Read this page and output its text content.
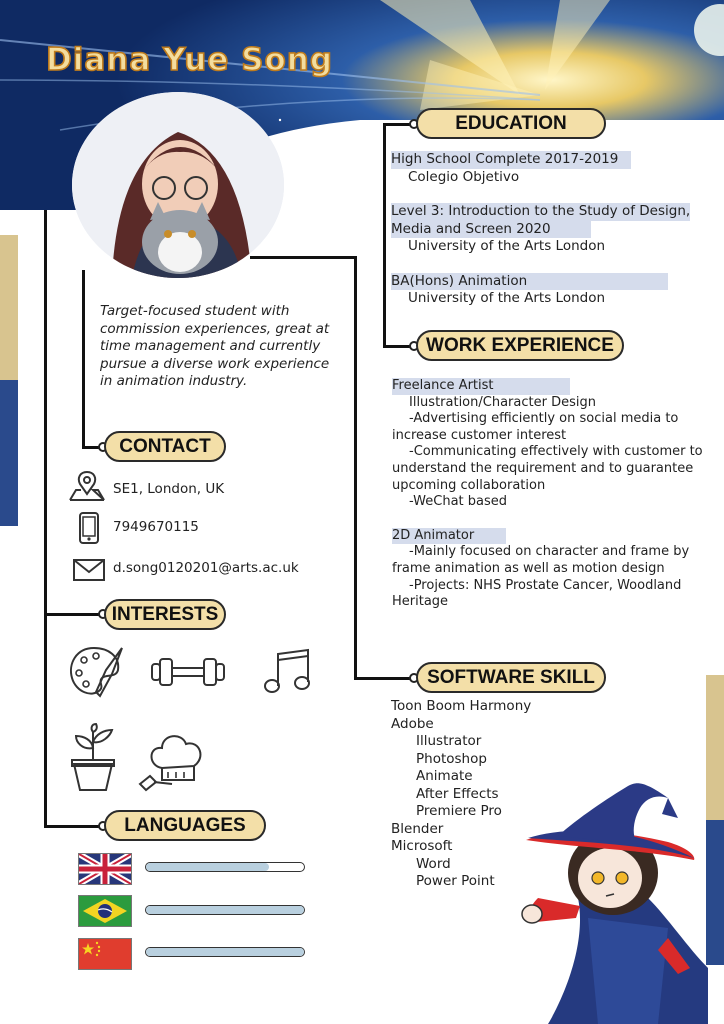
Diana Yue Song
Target-focused student with commission experiences, great at time management and currently pursue a diverse work experience in animation industry.
EDUCATION
WORK EXPERIENCE
SOFTWARE SKILL
CONTACT
INTERESTS
LANGUAGES
High School Complete 2017-2019
Colegio Objetivo
Level 3: Introduction to the Study of Design,
Media and Screen 2020
University of the Arts London
BA(Hons) Animation
University of the Arts London
Freelance Artist
Illustration/Character Design
-Advertising efficiently on social media to
increase customer interest
-Communicating effectively with customer to
understand the requirement and to guarantee
upcoming collaboration
-WeChat based
2D Animator
-Mainly focused on character and frame by
frame animation as well as motion design
-Projects: NHS Prostate Cancer, Woodland
Heritage
Toon Boom Harmony
Adobe
Illustrator
Photoshop
Animate
After Effects
Premiere Pro
Blender
Microsoft
Word
Power Point
SE1, London, UK
7949670115
d.song0120201@arts.ac.uk
